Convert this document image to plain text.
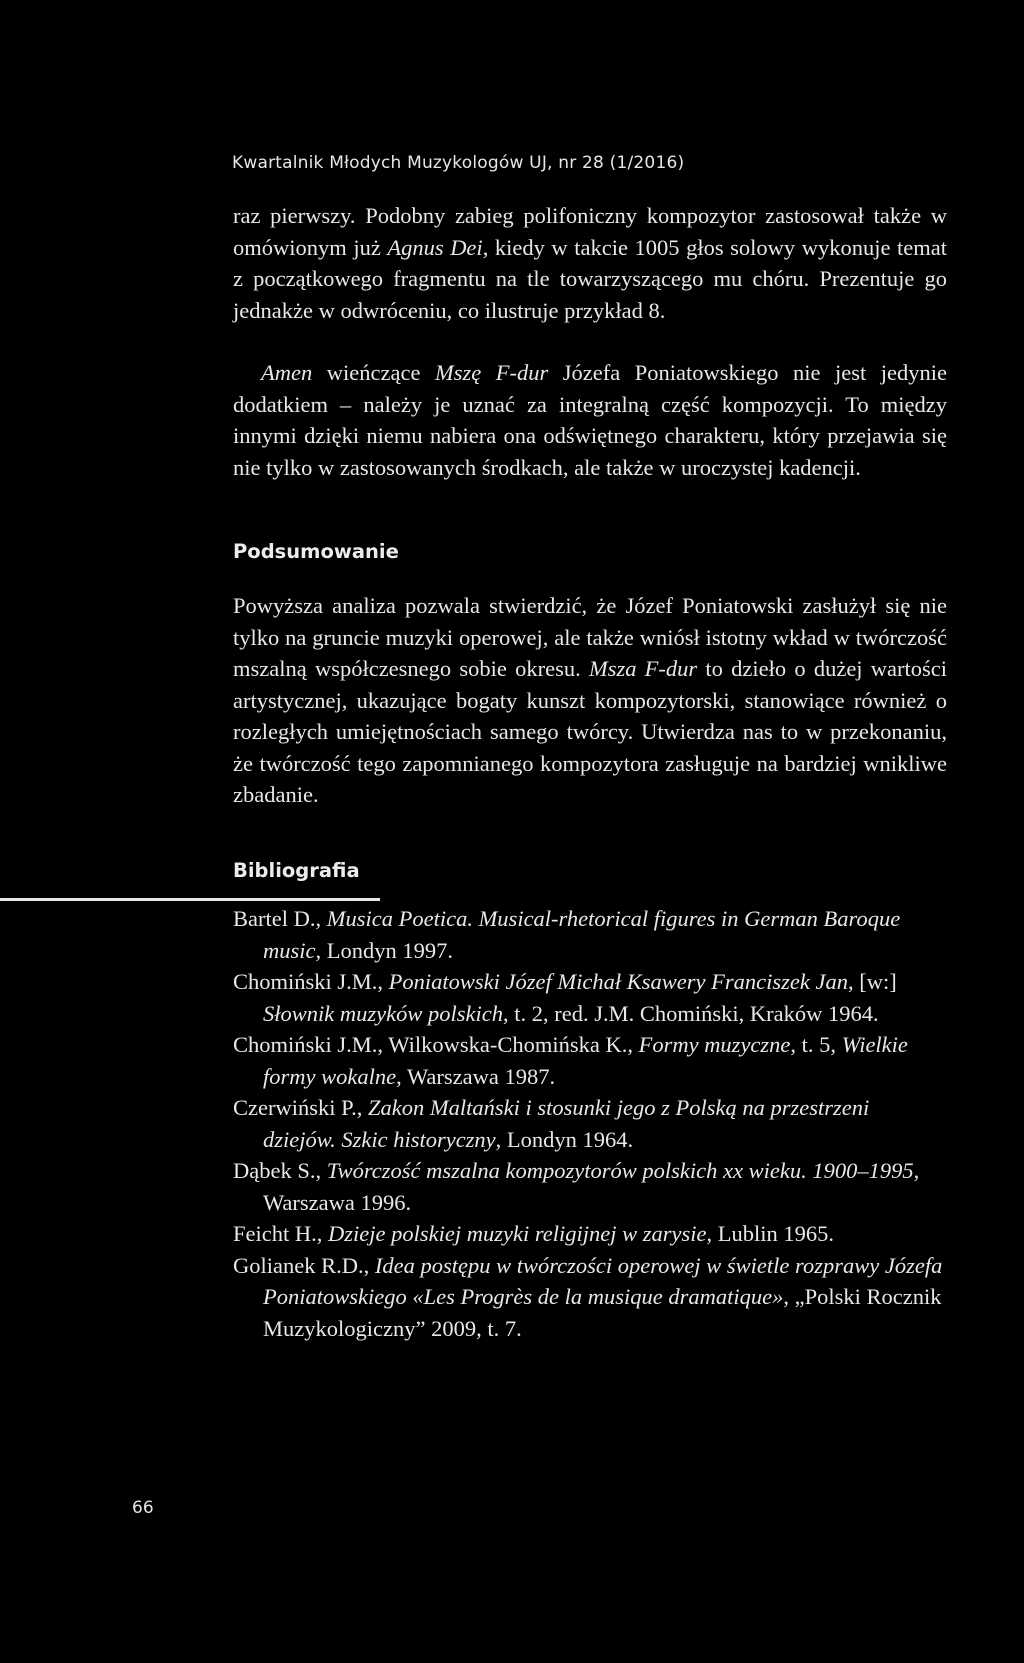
Kwartalnik Młodych Muzykologów UJ, nr 28 (1/2016)

raz pierwszy. Podobny zabieg polifoniczny kompozytor zastosował także w omówionym już Agnus Dei, kiedy w takcie 1005 głos solowy wykonuje temat z początkowego fragmentu na tle towarzyszącego mu chóru. Prezentuje go jednakże w odwróceniu, co ilustruje przykład 8.

Amen wieńczące Mszę F-dur Józefa Poniatowskiego nie jest jedynie dodatkiem – należy je uznać za integralną część kompozycji. To między innymi dzięki niemu nabiera ona odświętnego charakteru, który przejawia się nie tylko w zastosowanych środkach, ale także w uroczystej kadencji.

Podsumowanie

Powyższa analiza pozwala stwierdzić, że Józef Poniatowski zasłużył się nie tylko na gruncie muzyki operowej, ale także wniósł istotny wkład w twórczość mszalną współczesnego sobie okresu. Msza F-dur to dzieło o dużej wartości artystycznej, ukazujące bogaty kunszt kompozytorski, stanowiące również o rozległych umiejętnościach samego twórcy. Utwierdza nas to w przekonaniu, że twórczość tego zapomnianego kompozytora zasługuje na bardziej wnikliwe zbadanie.

Bibliografia
Bartel D., Musica Poetica. Musical-rhetorical figures in German Baroque music, Londyn 1997.
Chomiński J.M., Poniatowski Józef Michał Ksawery Franciszek Jan, [w:] Słownik muzyków polskich, t. 2, red. J.M. Chomiński, Kraków 1964.
Chomiński J.M., Wilkowska-Chomińska K., Formy muzyczne, t. 5, Wielkie formy wokalne, Warszawa 1987.
Czerwiński P., Zakon Maltański i stosunki jego z Polską na przestrzeni dziejów. Szkic historyczny, Londyn 1964.
Dąbek S., Twórczość mszalna kompozytorów polskich xx wieku. 1900–1995, Warszawa 1996.
Feicht H., Dzieje polskiej muzyki religijnej w zarysie, Lublin 1965.
Golianek R.D., Idea postępu w twórczości operowej w świetle rozprawy Józefa Poniatowskiego «Les Progrès de la musique dramatique», „Polski Rocznik Muzykologiczny” 2009, t. 7.
66
